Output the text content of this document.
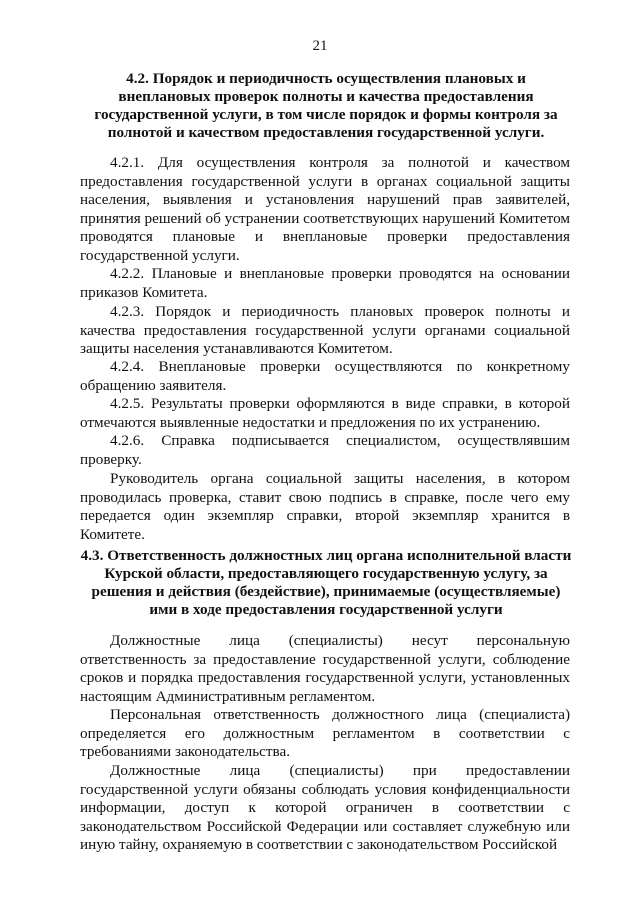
21
4.2. Порядок и периодичность осуществления плановых и внеплановых проверок полноты и качества предоставления государственной услуги, в том числе порядок и формы контроля за полнотой и качеством предоставления государственной услуги.

4.2.1. Для осуществления контроля за полнотой и качеством предоставления государственной услуги в органах социальной защиты населения, выявления и установления нарушений прав заявителей, принятия решений об устранении соответствующих нарушений Комитетом проводятся плановые и внеплановые проверки предоставления государственной услуги.

4.2.2. Плановые и внеплановые проверки проводятся на основании приказов Комитета.

4.2.3. Порядок и периодичность плановых проверок полноты и качества предоставления государственной услуги органами социальной защиты населения устанавливаются Комитетом.

4.2.4. Внеплановые проверки осуществляются по конкретному обращению заявителя.

4.2.5. Результаты проверки оформляются в виде справки, в которой отмечаются выявленные недостатки и предложения по их устранению.

4.2.6. Справка подписывается специалистом, осуществлявшим проверку.

Руководитель органа социальной защиты населения, в котором проводилась проверка, ставит свою подпись в справке, после чего ему передается один экземпляр справки, второй экземпляр хранится в Комитете.

4.3. Ответственность должностных лиц органа исполнительной власти Курской области, предоставляющего государственную услугу, за решения и действия (бездействие), принимаемые (осуществляемые) ими в ходе предоставления государственной услуги

Должностные лица (специалисты) несут персональную ответственность за предоставление государственной услуги, соблюдение сроков и порядка предоставления государственной услуги, установленных настоящим Административным регламентом.

Персональная ответственность должностного лица (специалиста) определяется его должностным регламентом в соответствии с требованиями законодательства.

Должностные лица (специалисты) при предоставлении государственной услуги обязаны соблюдать условия конфиденциальности информации, доступ к которой ограничен в соответствии с законодательством Российской Федерации или составляет служебную или иную тайну, охраняемую в соответствии с законодательством Российской
